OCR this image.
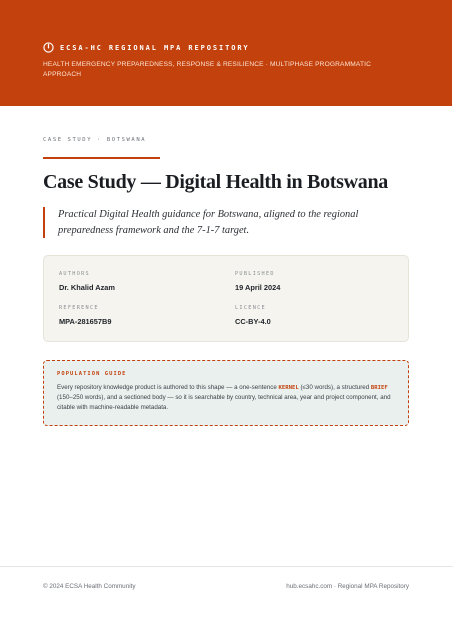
ECSA-HC REGIONAL MPA REPOSITORY
HEALTH EMERGENCY PREPAREDNESS, RESPONSE & RESILIENCE · MULTIPHASE PROGRAMMATIC APPROACH
CASE STUDY · BOTSWANA
Case Study — Digital Health in Botswana
Practical Digital Health guidance for Botswana, aligned to the regional preparedness framework and the 7-1-7 target.
AUTHORS
Dr. Khalid Azam
PUBLISHED
19 April 2024
REFERENCE
MPA-281657B9
LICENCE
CC-BY-4.0
POPULATION GUIDE
Every repository knowledge product is authored to this shape — a one-sentence KERNEL (≤30 words), a structured BRIEF (150–250 words), and a sectioned body — so it is searchable by country, technical area, year and project component, and citable with machine-readable metadata.
© 2024 ECSA Health Community	hub.ecsahc.com · Regional MPA Repository
